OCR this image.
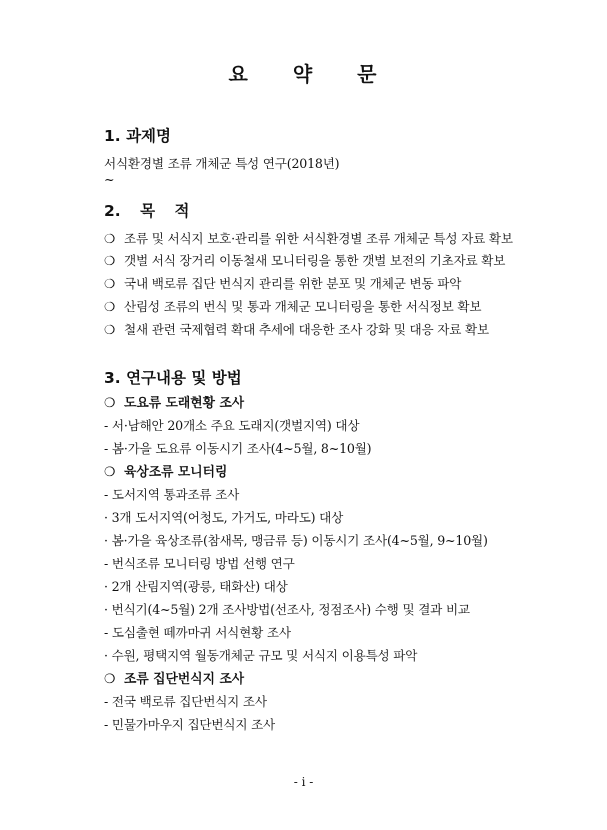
요 약 문
1. 과제명
서식환경별 조류 개체군 특성 연구(2018년)
~
2. 목 적
❍ 조류 및 서식지 보호·관리를 위한 서식환경별 조류 개체군 특성 자료 확보
❍ 갯벌 서식 장거리 이동철새 모니터링을 통한 갯벌 보전의 기초자료 확보
❍ 국내 백로류 집단 번식지 관리를 위한 분포 및 개체군 변동 파악
❍ 산림성 조류의 번식 및 통과 개체군 모니터링을 통한 서식정보 확보
❍ 철새 관련 국제협력 확대 추세에 대응한 조사 강화 및 대응 자료 확보
3. 연구내용 및 방법
❍ 도요류 도래현황 조사
- 서·남해안 20개소 주요 도래지(갯벌지역) 대상
- 봄·가을 도요류 이동시기 조사(4~5월, 8~10월)
❍ 육상조류 모니터링
- 도서지역 통과조류 조사
· 3개 도서지역(어청도, 가거도, 마라도) 대상
· 봄·가을 육상조류(참새목, 맹금류 등) 이동시기 조사(4~5월, 9~10월)
- 번식조류 모니터링 방법 선행 연구
· 2개 산림지역(광릉, 태화산) 대상
· 번식기(4~5월) 2개 조사방법(선조사, 정점조사) 수행 및 결과 비교
- 도심출현 떼까마귀 서식현황 조사
· 수원, 평택지역 월동개체군 규모 및 서식지 이용특성 파악
❍ 조류 집단번식지 조사
- 전국 백로류 집단번식지 조사
- 민물가마우지 집단번식지 조사
- i -
